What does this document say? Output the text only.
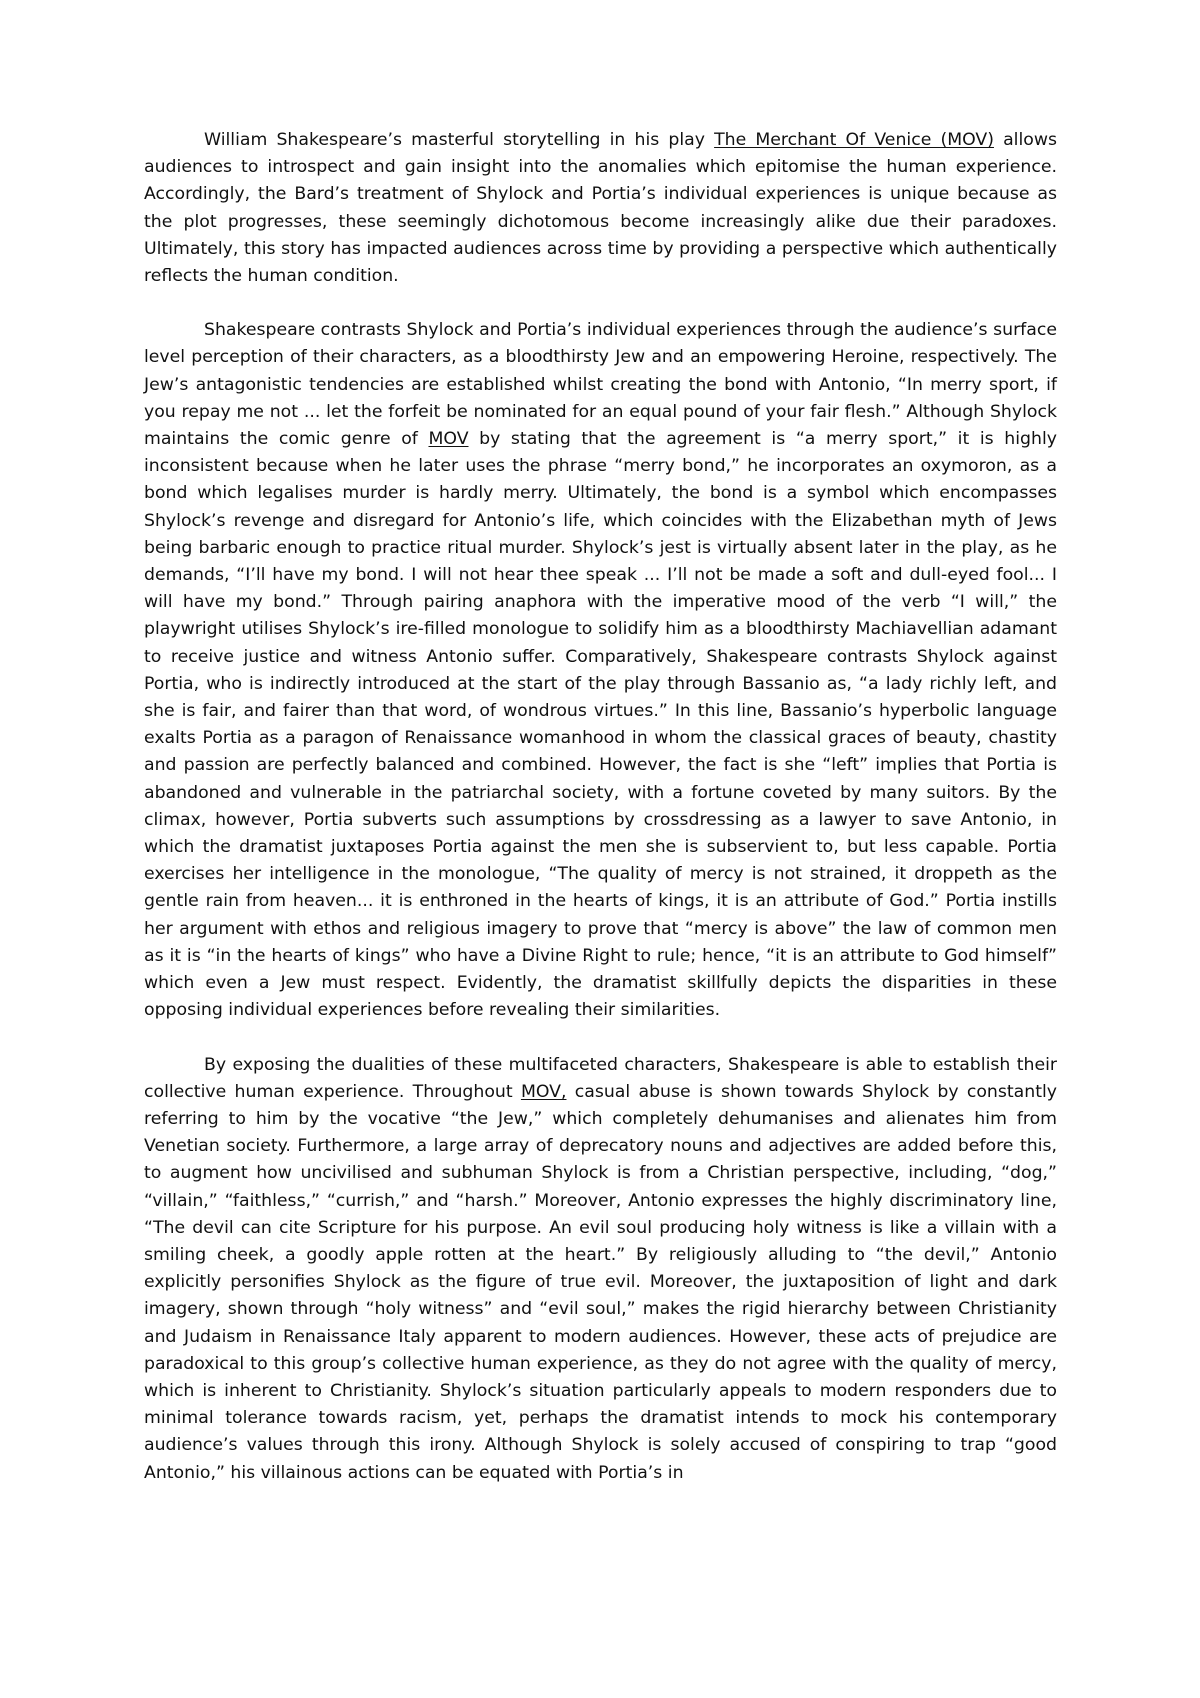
William Shakespeare’s masterful storytelling in his play The Merchant Of Venice (MOV) allows audiences to introspect and gain insight into the anomalies which epitomise the human experience. Accordingly, the Bard’s treatment of Shylock and Portia’s individual experiences is unique because as the plot progresses, these seemingly dichotomous become increasingly alike due their paradoxes. Ultimately, this story has impacted audiences across time by providing a perspective which authentically reflects the human condition.

Shakespeare contrasts Shylock and Portia’s individual experiences through the audience’s surface level perception of their characters, as a bloodthirsty Jew and an empowering Heroine, respectively. The Jew’s antagonistic tendencies are established whilst creating the bond with Antonio, “In merry sport, if you repay me not ... let the forfeit be nominated for an equal pound of your fair flesh.” Although Shylock maintains the comic genre of MOV by stating that the agreement is “a merry sport,” it is highly inconsistent because when he later uses the phrase “merry bond,” he incorporates an oxymoron, as a bond which legalises murder is hardly merry. Ultimately, the bond is a symbol which encompasses Shylock’s revenge and disregard for Antonio’s life, which coincides with the Elizabethan myth of Jews being barbaric enough to practice ritual murder. Shylock’s jest is virtually absent later in the play, as he demands, “I’ll have my bond. I will not hear thee speak ... I’ll not be made a soft and dull-eyed fool... I will have my bond.” Through pairing anaphora with the imperative mood of the verb “I will,” the playwright utilises Shylock’s ire-filled monologue to solidify him as a bloodthirsty Machiavellian adamant to receive justice and witness Antonio suffer. Comparatively, Shakespeare contrasts Shylock against Portia, who is indirectly introduced at the start of the play through Bassanio as, “a lady richly left, and she is fair, and fairer than that word, of wondrous virtues.” In this line, Bassanio’s hyperbolic language exalts Portia as a paragon of Renaissance womanhood in whom the classical graces of beauty, chastity and passion are perfectly balanced and combined. However, the fact is she “left” implies that Portia is abandoned and vulnerable in the patriarchal society, with a fortune coveted by many suitors. By the climax, however, Portia subverts such assumptions by crossdressing as a lawyer to save Antonio, in which the dramatist juxtaposes Portia against the men she is subservient to, but less capable. Portia exercises her intelligence in the monologue, “The quality of mercy is not strained, it droppeth as the gentle rain from heaven... it is enthroned in the hearts of kings, it is an attribute of God.” Portia instills her argument with ethos and religious imagery to prove that “mercy is above” the law of common men as it is “in the hearts of kings” who have a Divine Right to rule; hence, “it is an attribute to God himself” which even a Jew must respect. Evidently, the dramatist skillfully depicts the disparities in these opposing individual experiences before revealing their similarities.

By exposing the dualities of these multifaceted characters, Shakespeare is able to establish their collective human experience. Throughout MOV, casual abuse is shown towards Shylock by constantly referring to him by the vocative “the Jew,” which completely dehumanises and alienates him from Venetian society. Furthermore, a large array of deprecatory nouns and adjectives are added before this, to augment how uncivilised and subhuman Shylock is from a Christian perspective, including, “dog,” “villain,” “faithless,” “currish,” and “harsh.” Moreover, Antonio expresses the highly discriminatory line, “The devil can cite Scripture for his purpose. An evil soul producing holy witness is like a villain with a smiling cheek, a goodly apple rotten at the heart.” By religiously alluding to “the devil,” Antonio explicitly personifies Shylock as the figure of true evil. Moreover, the juxtaposition of light and dark imagery, shown through “holy witness” and “evil soul,” makes the rigid hierarchy between Christianity and Judaism in Renaissance Italy apparent to modern audiences. However, these acts of prejudice are paradoxical to this group’s collective human experience, as they do not agree with the quality of mercy, which is inherent to Christianity. Shylock’s situation particularly appeals to modern responders due to minimal tolerance towards racism, yet, perhaps the dramatist intends to mock his contemporary audience’s values through this irony. Although Shylock is solely accused of conspiring to trap “good Antonio,” his villainous actions can be equated with Portia’s in
